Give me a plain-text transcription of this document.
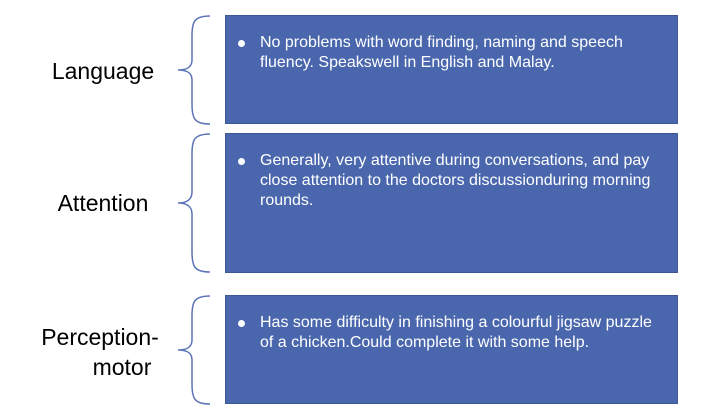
Language
No problems with word finding, naming and speech fluency. Speakswell in English and Malay.
Attention
Generally, very attentive during conversations, and pay close attention to the doctors discussionduring morning rounds.
Perception-
motor
Has some difficulty in finishing a colourful jigsaw puzzle of a chicken.Could complete it with some help.
